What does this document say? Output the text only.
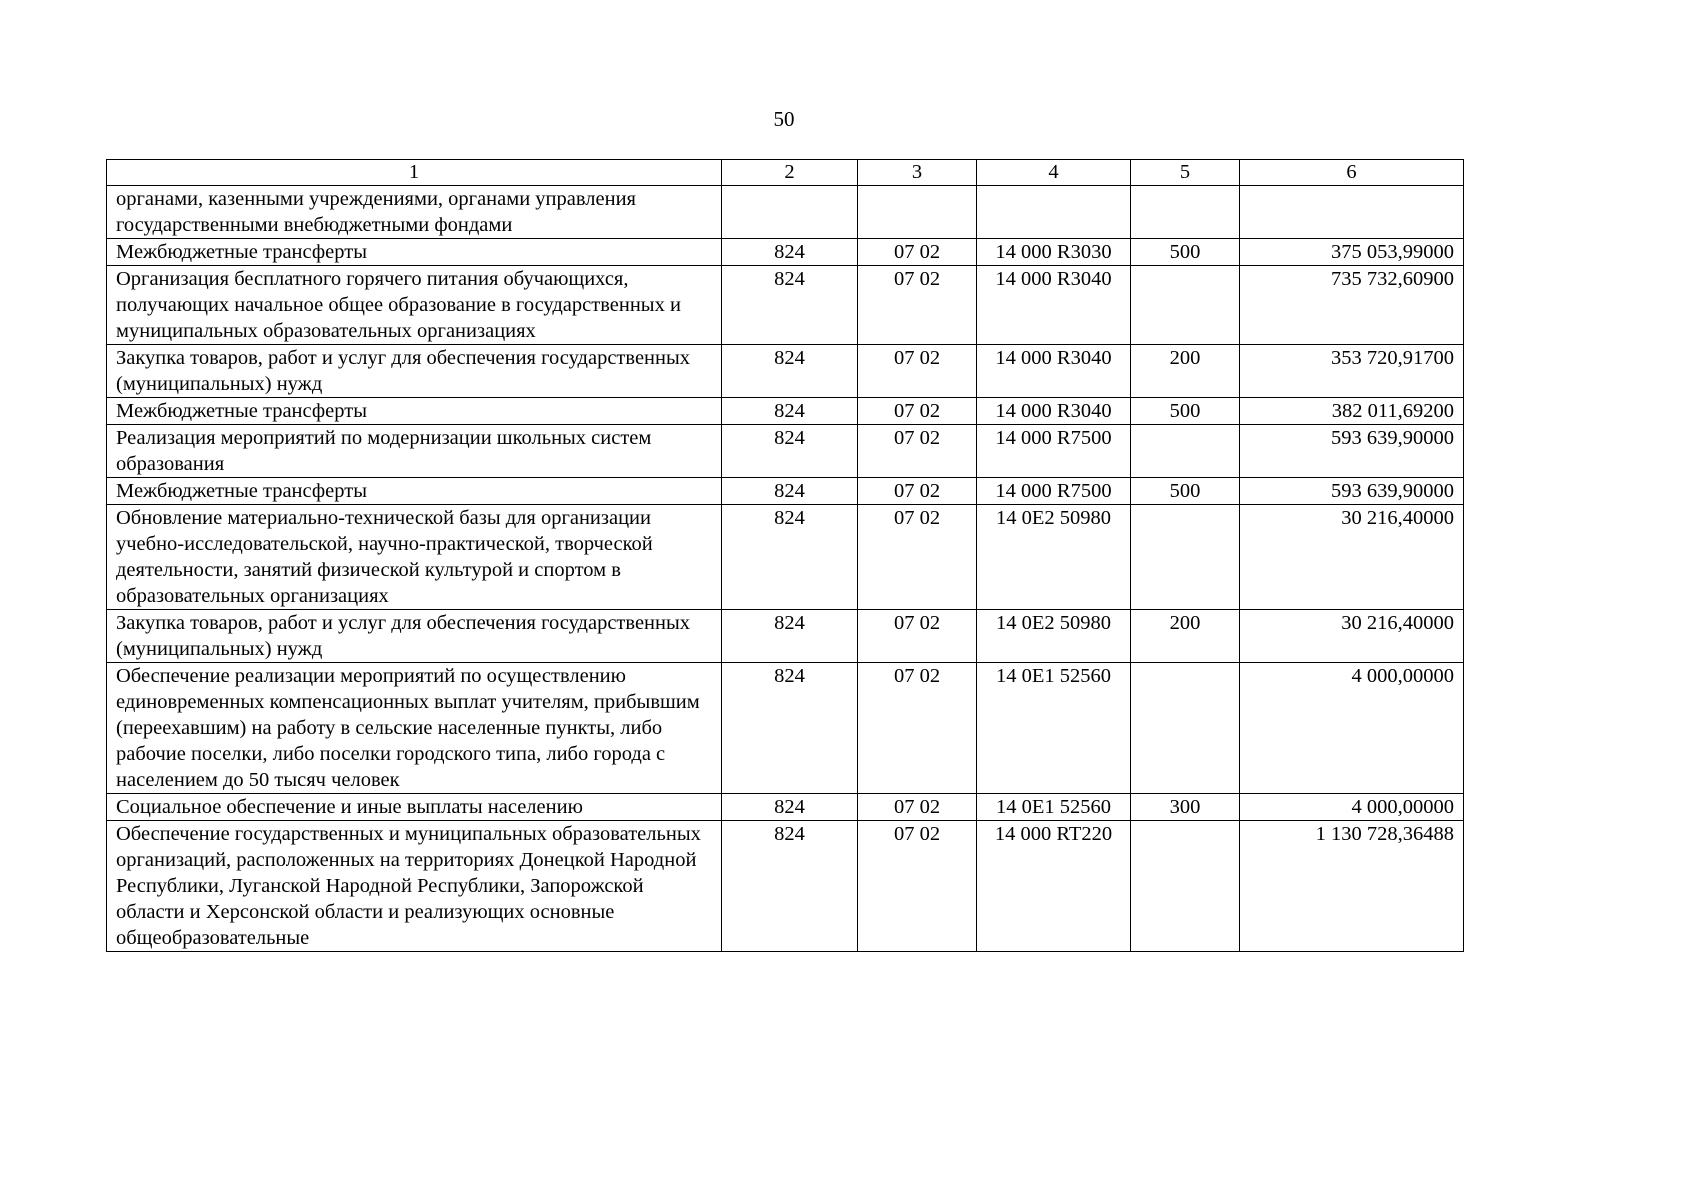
50
1	2	3	4	5	6
органами, казенными учреждениями, органами управления государственными внебюджетными фондами					
Межбюджетные трансферты	824	07 02	14 000 R3030	500	375 053,99000
Организация бесплатного горячего питания обучающихся, получающих начальное общее образование в государственных и муниципальных образовательных организациях	824	07 02	14 000 R3040		735 732,60900
Закупка товаров, работ и услуг для обеспечения государственных (муниципальных) нужд	824	07 02	14 000 R3040	200	353 720,91700
Межбюджетные трансферты	824	07 02	14 000 R3040	500	382 011,69200
Реализация мероприятий по модернизации школьных систем образования	824	07 02	14 000 R7500		593 639,90000
Межбюджетные трансферты	824	07 02	14 000 R7500	500	593 639,90000
Обновление материально-технической базы для организации учебно-исследовательской, научно-практической, творческой деятельности, занятий физической культурой и спортом в образовательных организациях	824	07 02	14 0E2 50980		30 216,40000
Закупка товаров, работ и услуг для обеспечения государственных (муниципальных) нужд	824	07 02	14 0E2 50980	200	30 216,40000
Обеспечение реализации мероприятий по осуществлению единовременных компенсационных выплат учителям, прибывшим (переехавшим) на работу в сельские населенные пункты, либо рабочие поселки, либо поселки городского типа, либо города с населением до 50 тысяч человек	824	07 02	14 0E1 52560		4 000,00000
Социальное обеспечение и иные выплаты населению	824	07 02	14 0E1 52560	300	4 000,00000
Обеспечение государственных и муниципальных образовательных организаций, расположенных на территориях Донецкой Народной Республики, Луганской Народной Республики, Запорожской области и Херсонской области и реализующих основные общеобразовательные	824	07 02	14 000 RT220		1 130 728,36488
